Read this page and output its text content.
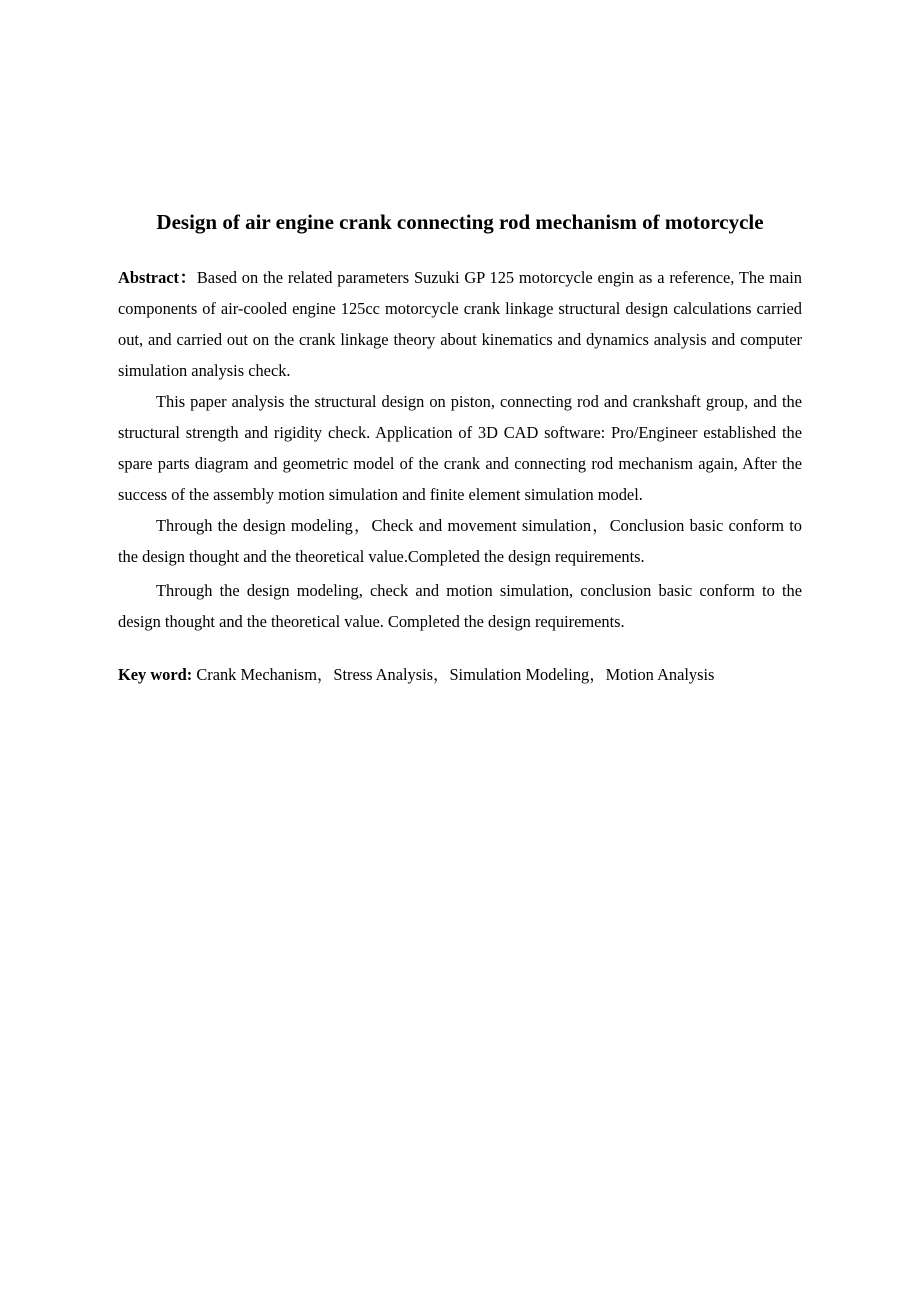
Design of air engine crank connecting rod mechanism of motorcycle

Abstract：Based on the related parameters Suzuki GP 125 motorcycle engin as a reference, The main components of air-cooled engine 125cc motorcycle crank linkage structural design calculations carried out, and carried out on the crank linkage theory about kinematics and dynamics analysis and computer simulation analysis check.

This paper analysis the structural design on piston, connecting rod and crankshaft group, and the structural strength and rigidity check. Application of 3D CAD software: Pro/Engineer established the spare parts diagram and geometric model of the crank and connecting rod mechanism again, After the success of the assembly motion simulation and finite element simulation model.

Through the design modeling，Check and movement simulation，Conclusion basic conform to the design thought and the theoretical value.Completed the design requirements.

Through the design modeling, check and motion simulation, conclusion basic conform to the design thought and the theoretical value. Completed the design requirements.

Key word: Crank Mechanism，Stress Analysis，Simulation Modeling，Motion Analysis
